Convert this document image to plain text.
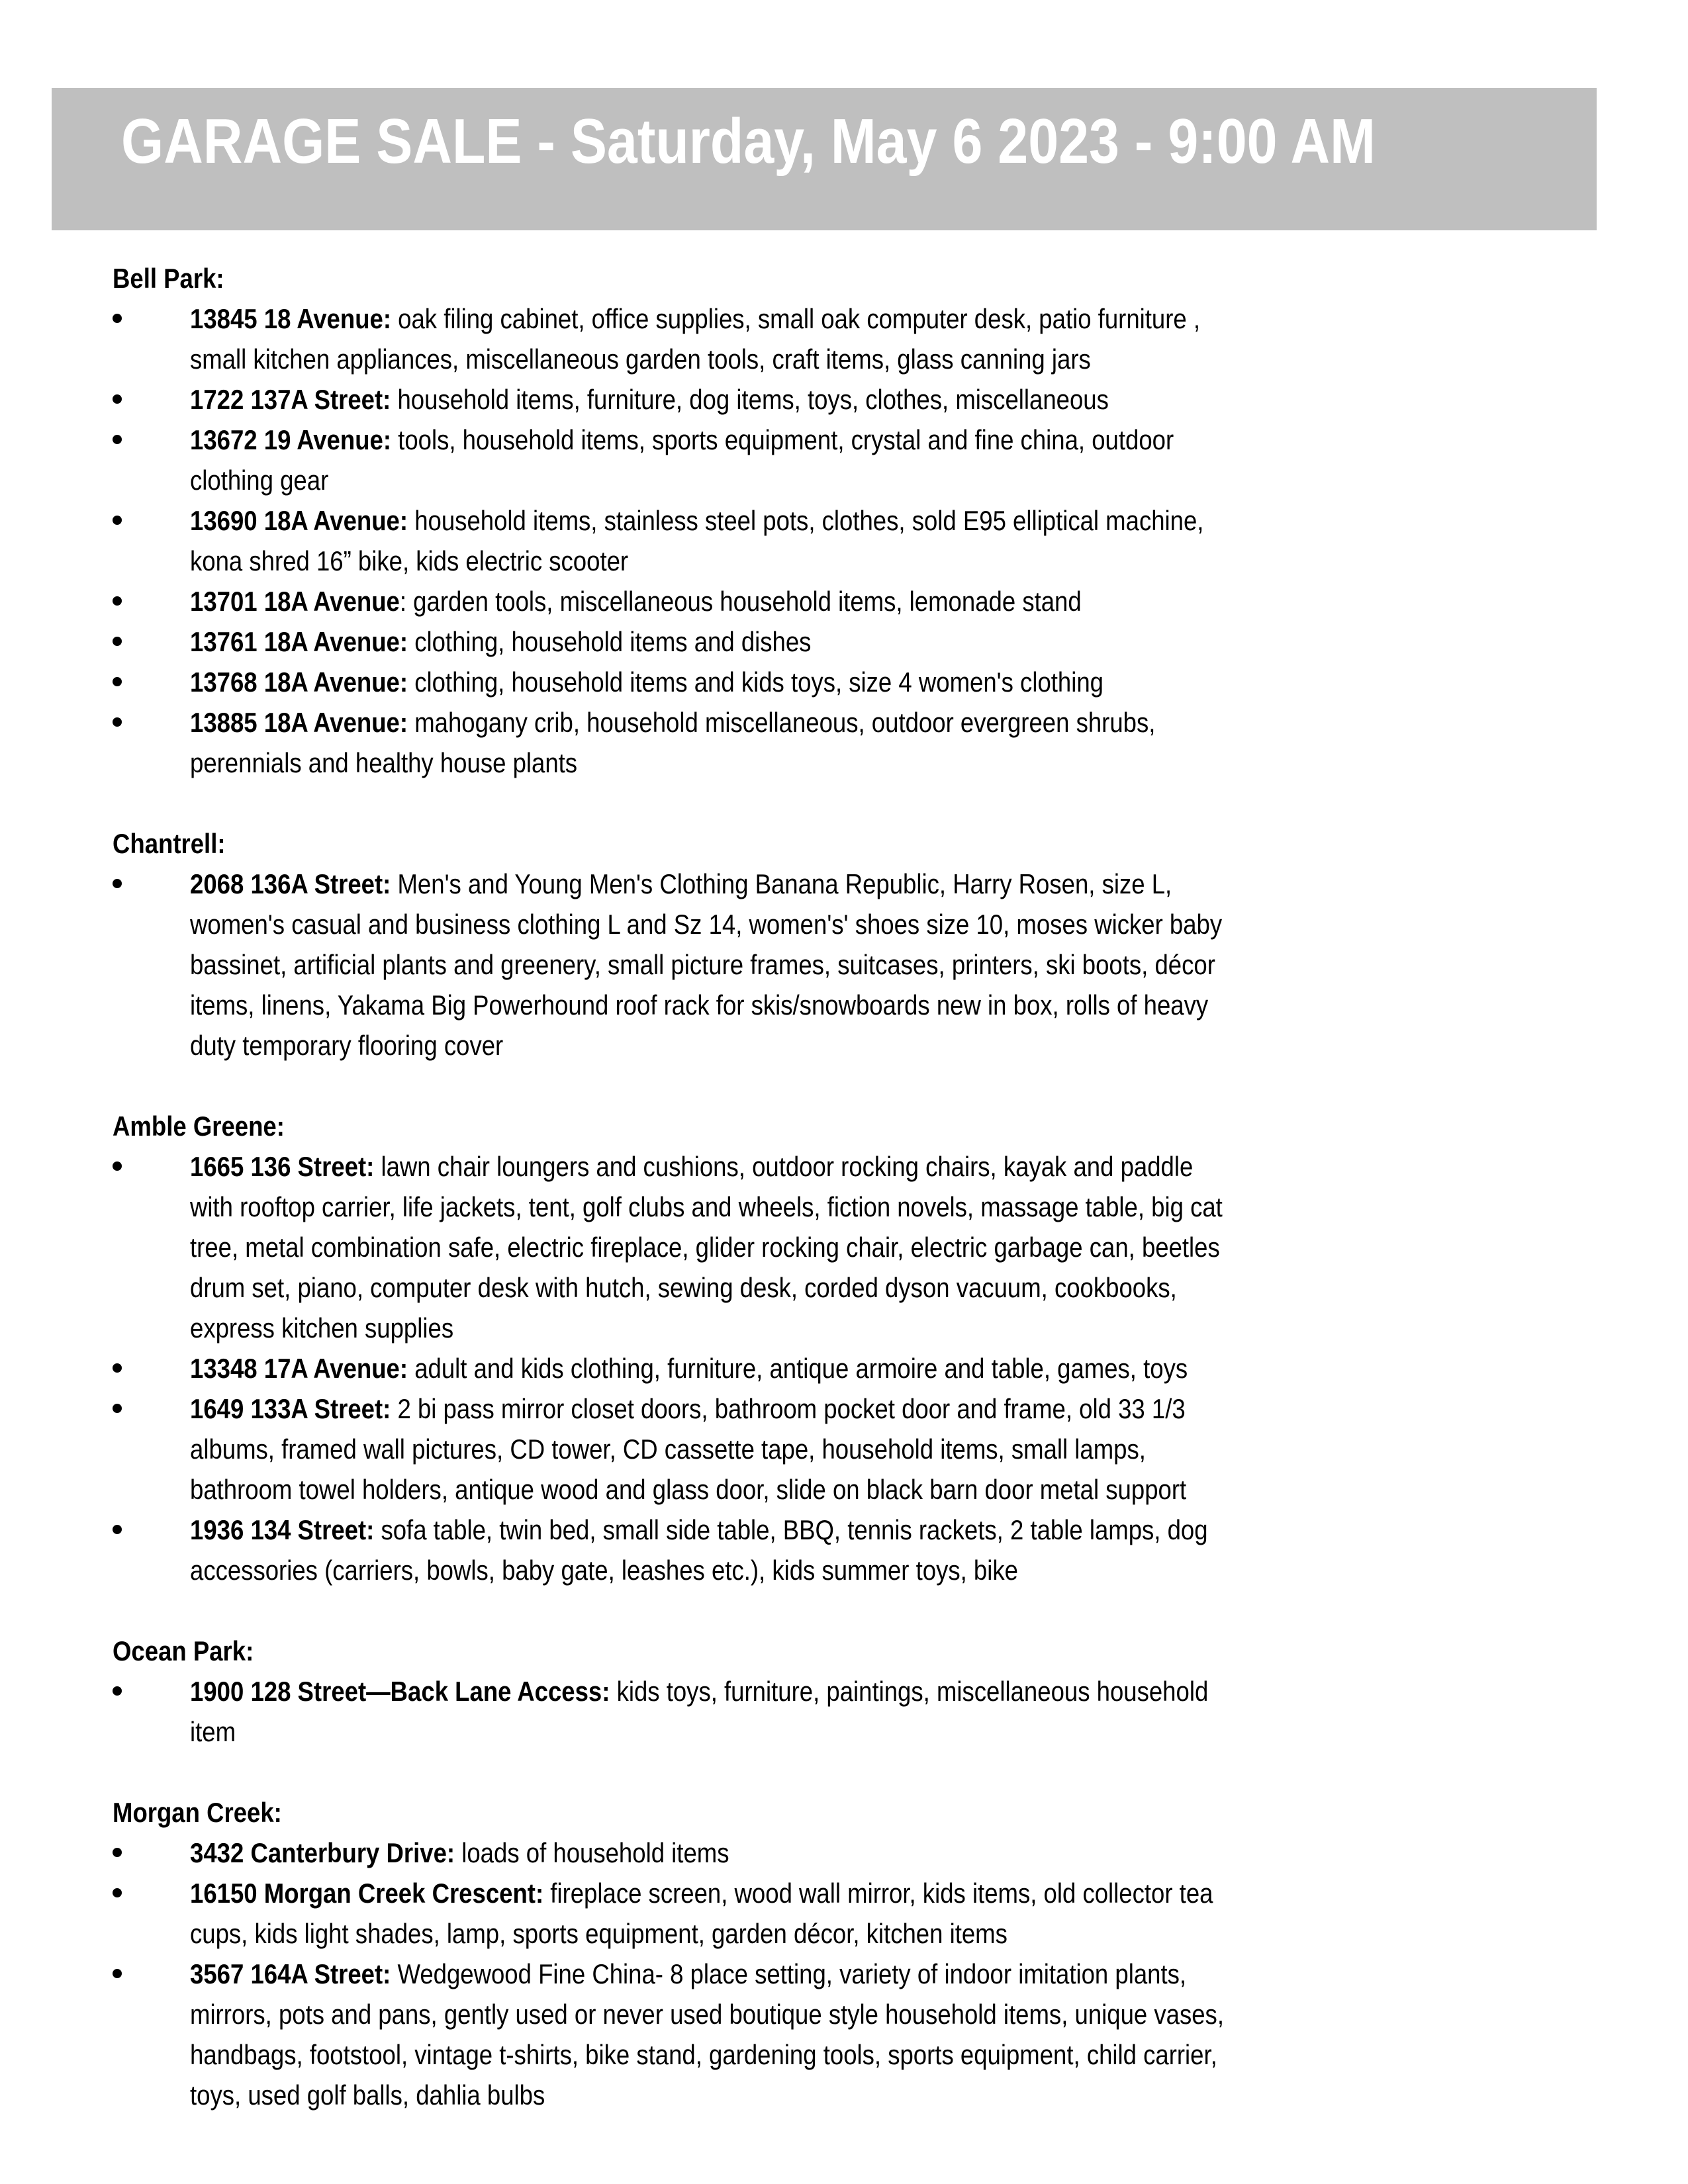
GARAGE SALE - Saturday, May 6 2023 - 9:00 AM
Bell Park:
13845 18 Avenue: oak filing cabinet, office supplies, small oak computer desk, patio furniture ,
small kitchen appliances, miscellaneous garden tools, craft items, glass canning jars
1722 137A Street: household items, furniture, dog items, toys, clothes, miscellaneous
13672 19 Avenue: tools, household items, sports equipment, crystal and fine china, outdoor
clothing gear
13690 18A Avenue: household items, stainless steel pots, clothes, sold E95 elliptical machine,
kona shred 16” bike, kids electric scooter
13701 18A Avenue: garden tools, miscellaneous household items, lemonade stand
13761 18A Avenue: clothing, household items and dishes
13768 18A Avenue: clothing, household items and kids toys, size 4 women's clothing
13885 18A Avenue: mahogany crib, household miscellaneous, outdoor evergreen shrubs,
perennials and healthy house plants
Chantrell:
2068 136A Street: Men's and Young Men's Clothing Banana Republic, Harry Rosen, size L,
women's casual and business clothing L and Sz 14, women's' shoes size 10, moses wicker baby
bassinet, artificial plants and greenery, small picture frames, suitcases, printers, ski boots, décor
items, linens, Yakama Big Powerhound roof rack for skis/snowboards new in box, rolls of heavy
duty temporary flooring cover
Amble Greene:
1665 136 Street: lawn chair loungers and cushions, outdoor rocking chairs, kayak and paddle
with rooftop carrier, life jackets, tent, golf clubs and wheels, fiction novels, massage table, big cat
tree, metal combination safe, electric fireplace, glider rocking chair, electric garbage can, beetles
drum set, piano, computer desk with hutch, sewing desk, corded dyson vacuum, cookbooks,
express kitchen supplies
13348 17A Avenue: adult and kids clothing, furniture, antique armoire and table, games, toys
1649 133A Street: 2 bi pass mirror closet doors, bathroom pocket door and frame, old 33 1/3
albums, framed wall pictures, CD tower, CD cassette tape, household items, small lamps,
bathroom towel holders, antique wood and glass door, slide on black barn door metal support
1936 134 Street: sofa table, twin bed, small side table, BBQ, tennis rackets, 2 table lamps, dog
accessories (carriers, bowls, baby gate, leashes etc.), kids summer toys, bike
Ocean Park:
1900 128 Street—Back Lane Access: kids toys, furniture, paintings, miscellaneous household
item
Morgan Creek:
3432 Canterbury Drive: loads of household items
16150 Morgan Creek Crescent: fireplace screen, wood wall mirror, kids items, old collector tea
cups, kids light shades, lamp, sports equipment, garden décor, kitchen items
3567 164A Street: Wedgewood Fine China- 8 place setting, variety of indoor imitation plants,
mirrors, pots and pans, gently used or never used boutique style household items, unique vases,
handbags, footstool, vintage t-shirts, bike stand, gardening tools, sports equipment, child carrier,
toys, used golf balls, dahlia bulbs
